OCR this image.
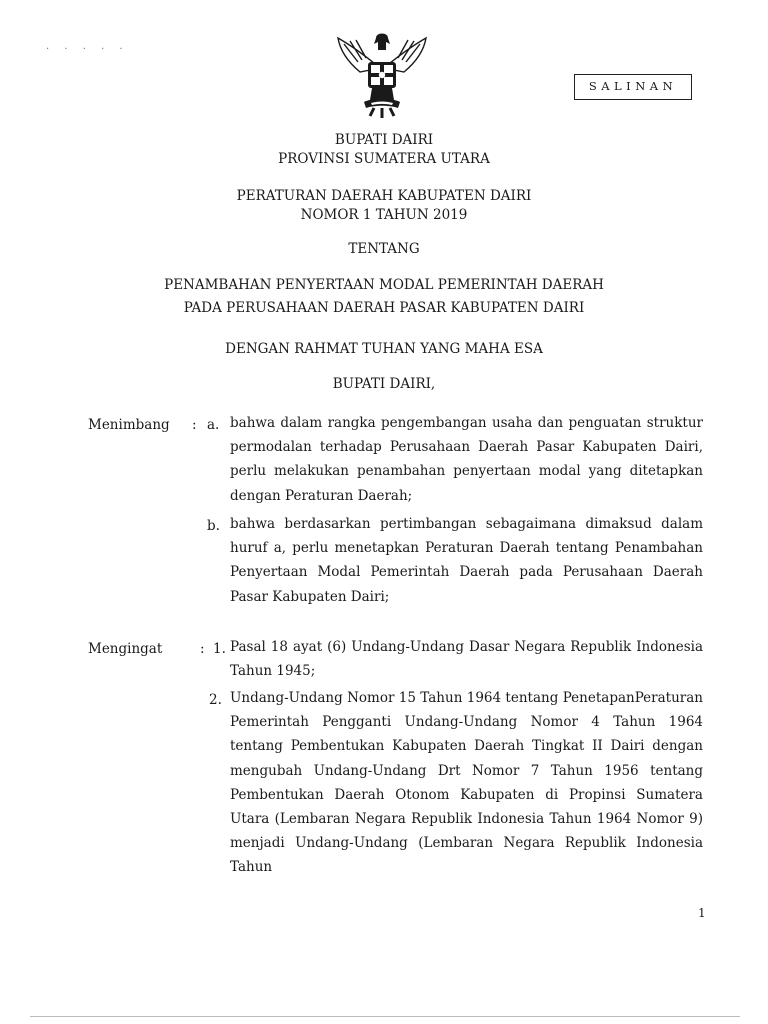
· · · · ·
SALINAN
BUPATI DAIRI
PROVINSI SUMATERA UTARA
PERATURAN DAERAH KABUPATEN DAIRI
NOMOR 1 TAHUN 2019
TENTANG
PENAMBAHAN PENYERTAAN MODAL PEMERINTAH DAERAH
PADA PERUSAHAAN DAERAH PASAR KABUPATEN DAIRI
DENGAN RAHMAT TUHAN YANG MAHA ESA
BUPATI DAIRI,
Menimbang : a. bahwa dalam rangka pengembangan usaha dan penguatan struktur permodalan terhadap Perusahaan Daerah Pasar Kabupaten Dairi, perlu melakukan penambahan penyertaan modal yang ditetapkan dengan Peraturan Daerah;
b. bahwa berdasarkan pertimbangan sebagaimana dimaksud dalam huruf a, perlu menetapkan Peraturan Daerah tentang Penambahan Penyertaan Modal Pemerintah Daerah pada Perusahaan Daerah Pasar Kabupaten Dairi;
Mengingat	: 1. Pasal 18 ayat (6) Undang-Undang Dasar Negara Republik Indonesia Tahun 1945;
2. Undang-Undang Nomor 15 Tahun 1964 tentang PenetapanPeraturan Pemerintah Pengganti Undang-Undang Nomor 4 Tahun 1964 tentang Pembentukan Kabupaten Daerah Tingkat II Dairi dengan mengubah Undang-Undang Drt Nomor 7 Tahun 1956 tentang Pembentukan Daerah Otonom Kabupaten di Propinsi Sumatera Utara (Lembaran Negara Republik Indonesia Tahun 1964 Nomor 9) menjadi Undang-Undang (Lembaran Negara Republik Indonesia Tahun
1
